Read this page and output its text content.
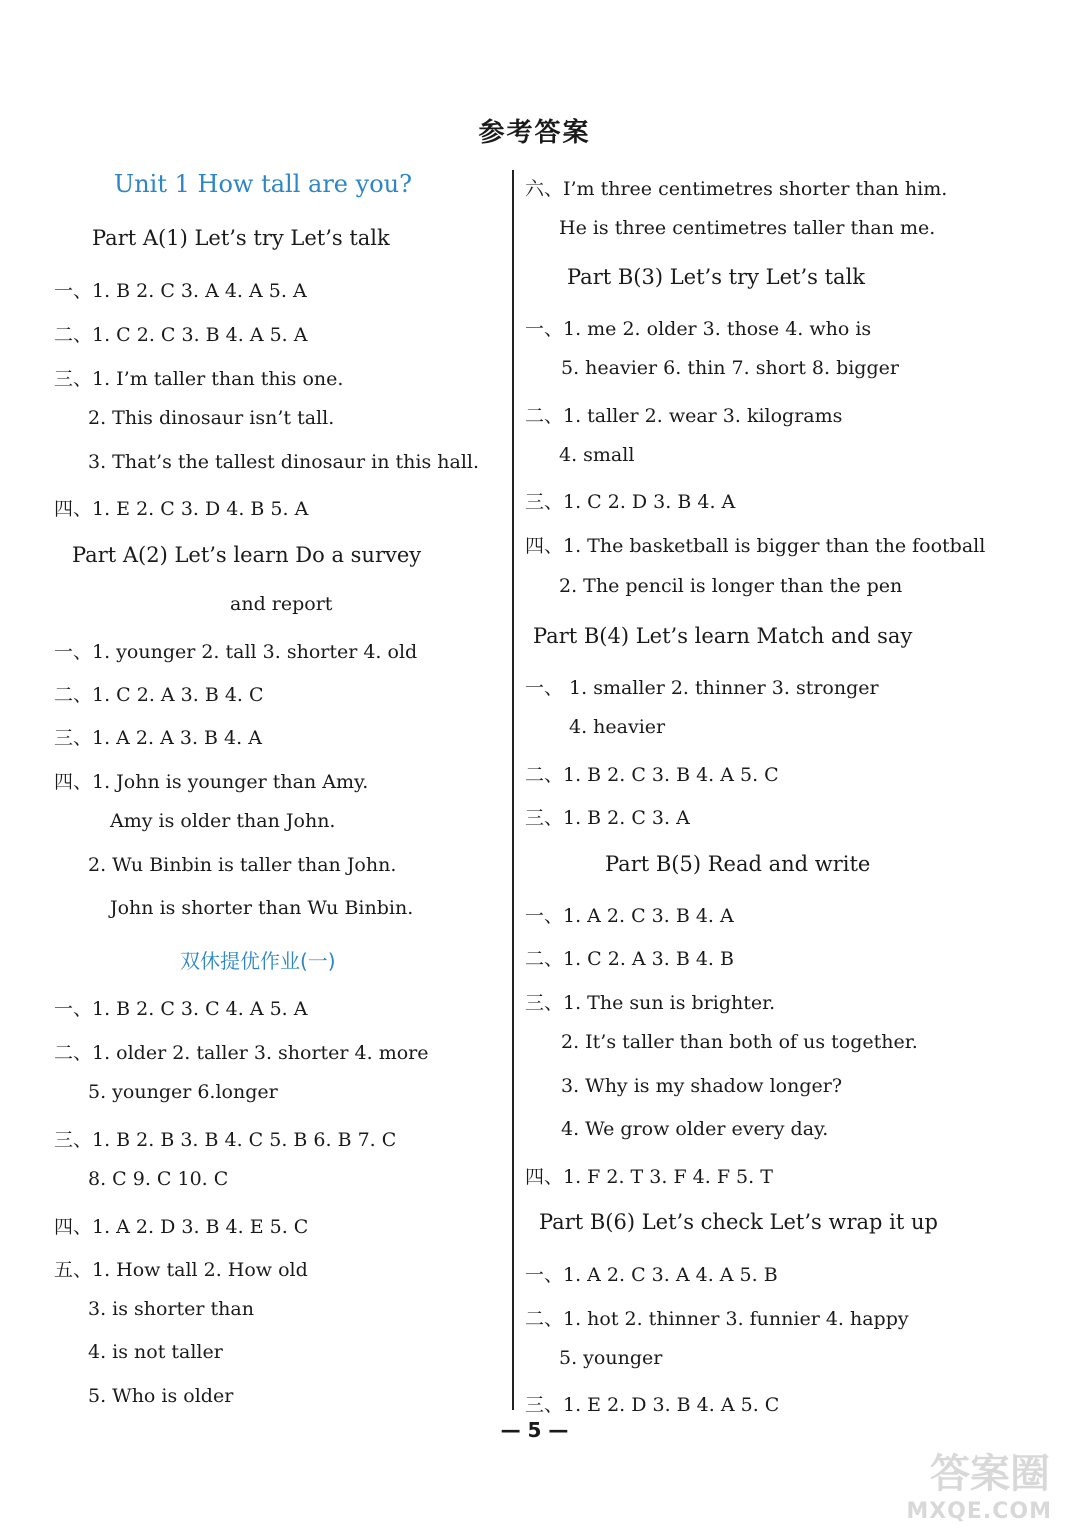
参考答案
Unit 1 How tall are you?
Part A(1) Let’s try Let’s talk
一、1. B 2. C 3. A 4. A 5. A
二、1. C 2. C 3. B 4. A 5. A
三、1. I’m taller than this one.
2. This dinosaur isn’t tall.
3. That’s the tallest dinosaur in this hall.
四、1. E 2. C 3. D 4. B 5. A
Part A(2) Let’s learn Do a survey
and report
一、1. younger 2. tall 3. shorter 4. old
二、1. C 2. A 3. B 4. C
三、1. A 2. A 3. B 4. A
四、1. John is younger than Amy.
Amy is older than John.
2. Wu Binbin is taller than John.
John is shorter than Wu Binbin.
双休提优作业(一)
一、1. B 2. C 3. C 4. A 5. A
二、1. older 2. taller 3. shorter 4. more
5. younger 6.longer
三、1. B 2. B 3. B 4. C 5. B 6. B 7. C
8. C 9. C 10. C
四、1. A 2. D 3. B 4. E 5. C
五、1. How tall 2. How old
3. is shorter than
4. is not taller
5. Who is older
六、I’m three centimetres shorter than him.
He is three centimetres taller than me.
Part B(3) Let’s try Let’s talk
一、1. me 2. older 3. those 4. who is
5. heavier 6. thin 7. short 8. bigger
二、1. taller 2. wear 3. kilograms
4. small
三、1. C 2. D 3. B 4. A
四、1. The basketball is bigger than the football
2. The pencil is longer than the pen
Part B(4) Let’s learn Match and say
一、 1. smaller 2. thinner 3. stronger
4. heavier
二、1. B 2. C 3. B 4. A 5. C
三、1. B 2. C 3. A
Part B(5) Read and write
一、1. A 2. C 3. B 4. A
二、1. C 2. A 3. B 4. B
三、1. The sun is brighter.
2. It’s taller than both of us together.
3. Why is my shadow longer?
4. We grow older every day.
四、1. F 2. T 3. F 4. F 5. T
Part B(6) Let’s check Let’s wrap it up
一、1. A 2. C 3. A 4. A 5. B
二、1. hot 2. thinner 3. funnier 4. happy
5. younger
三、1. E 2. D 3. B 4. A 5. C
— 5 —
答案圈
MXQE.COM
